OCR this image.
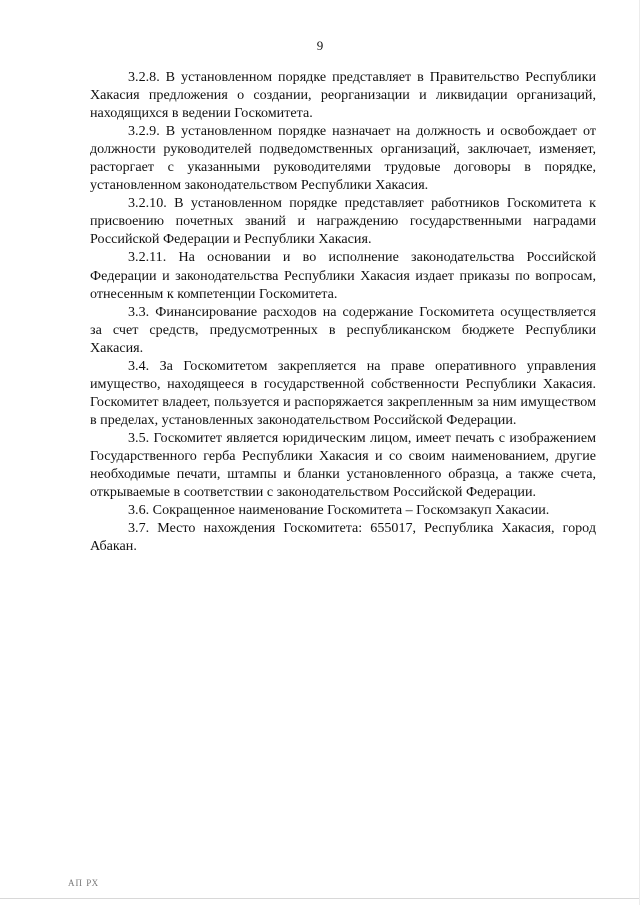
9

3.2.8. В установленном порядке представляет в Правительство Республики Хакасия предложения о создании, реорганизации и ликвидации организаций, находящихся в ведении Госкомитета.

3.2.9. В установленном порядке назначает на должность и освобождает от должности руководителей подведомственных организаций, заключает, изменяет, расторгает с указанными руководителями трудовые договоры в порядке, установленном законодательством Республики Хакасия.

3.2.10. В установленном порядке представляет работников Госкомитета к присвоению почетных званий и награждению государственными наградами Российской Федерации и Республики Хакасия.

3.2.11. На основании и во исполнение законодательства Российской Федерации и законодательства Республики Хакасия издает приказы по вопросам, отнесенным к компетенции Госкомитета.

3.3. Финансирование расходов на содержание Госкомитета осуществляется за счет средств, предусмотренных в республиканском бюджете Республики Хакасия.

3.4. За Госкомитетом закрепляется на праве оперативного управления имущество, находящееся в государственной собственности Республики Хакасия. Госкомитет владеет, пользуется и распоряжается закрепленным за ним имуществом в пределах, установленных законодательством Российской Федерации.

3.5. Госкомитет является юридическим лицом, имеет печать с изображением Государственного герба Республики Хакасия и со своим наименованием, другие необходимые печати, штампы и бланки установленного образца, а также счета, открываемые в соответствии с законодательством Российской Федерации.

3.6. Сокращенное наименование Госкомитета – Госкомзакуп Хакасии.

3.7. Место нахождения Госкомитета: 655017, Республика Хакасия, город Абакан.

АП РХ
